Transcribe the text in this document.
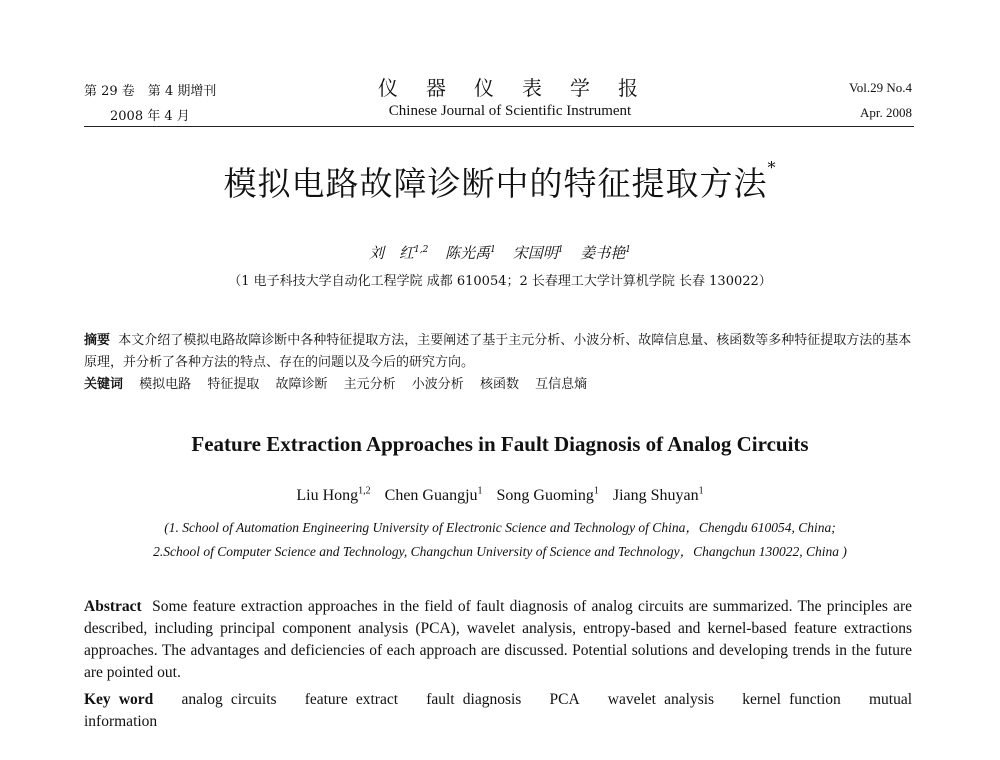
第 29 卷　第 4 期增刊
2008 年 4 月
仪　器　仪　表　学　报
Chinese Journal of Scientific Instrument
Vol.29 No.4
Apr. 2008
模拟电路故障诊断中的特征提取方法*
刘　红$^{1,2}$ 陈光禹$^1$ 宋国明$^1$ 姜书艳$^1$
（1 电子科技大学自动化工程学院 成都 610054；2 长春理工大学计算机学院 长春 130022）
摘要 本文介绍了模拟电路故障诊断中各种特征提取方法，主要阐述了基于主元分析、小波分析、故障信息量、核函数等多种特征提取方法的基本原理，并分析了各种方法的特点、存在的问题以及今后的研究方向。
关键词 模拟电路 特征提取 故障诊断 主元分析 小波分析 核函数 互信息熵
Feature Extraction Approaches in Fault Diagnosis of Analog Circuits
Liu Hong$^{1,2}$ Chen Guangju$^1$ Song Guoming$^1$ Jiang Shuyan$^1$
(1. School of Automation Engineering University of Electronic Science and Technology of China，Chengdu 610054, China;
2.School of Computer Science and Technology, Changchun University of Science and Technology，Changchun 130022, China )
Abstract Some feature extraction approaches in the field of fault diagnosis of analog circuits are summarized. The principles are described, including principal component analysis (PCA), wavelet analysis, entropy-based and kernel-based feature extractions approaches. The advantages and deficiencies of each approach are discussed. Potential solutions and developing trends in the future are pointed out.
Key word analog circuits feature extract fault diagnosis PCA wavelet analysis kernel function mutual information
